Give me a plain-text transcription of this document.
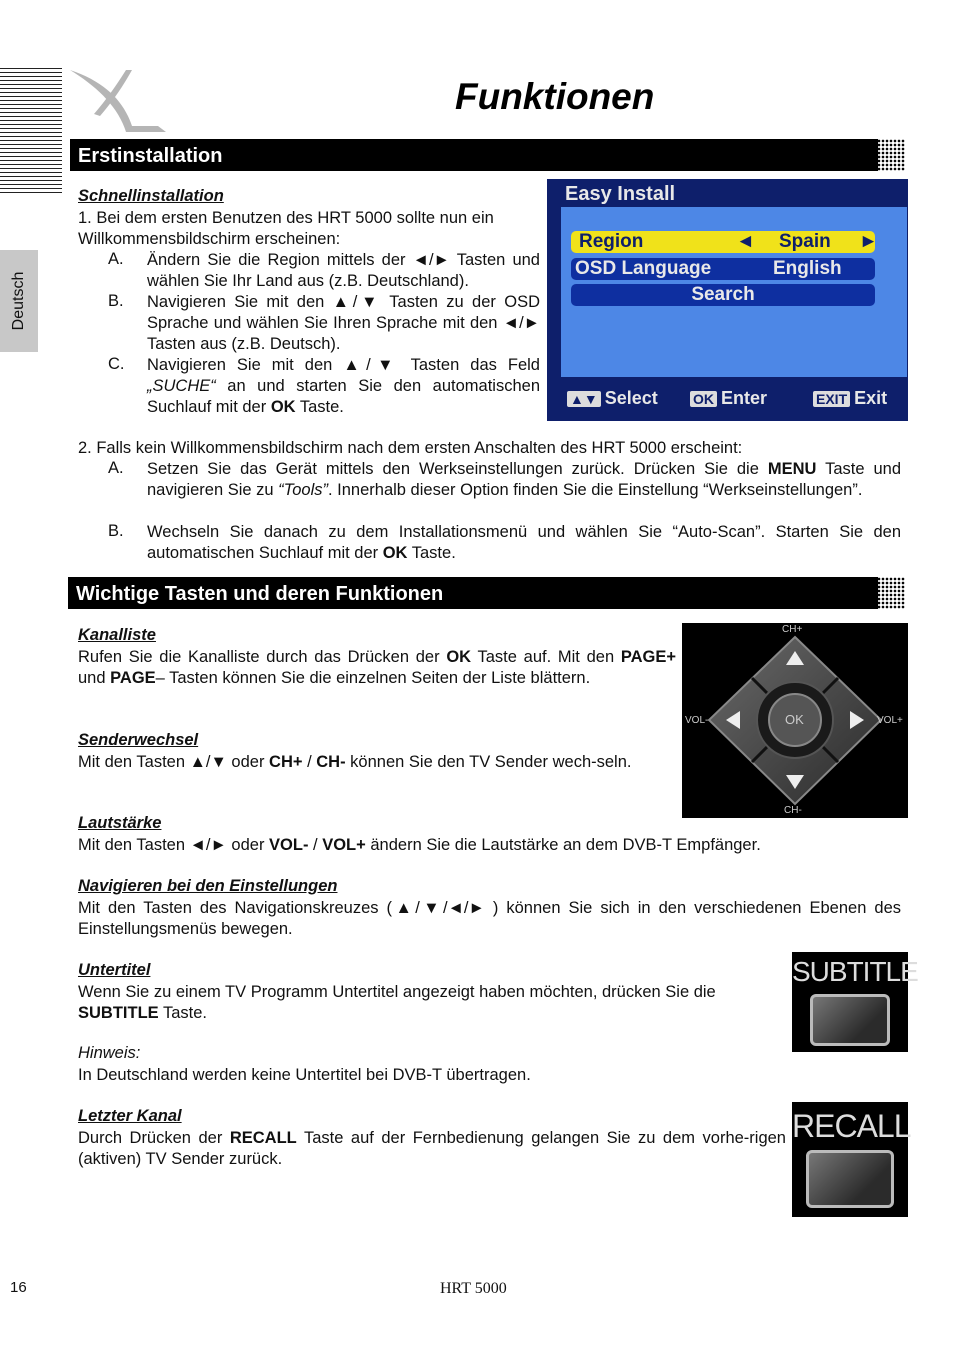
Funktionen
Deutsch
Erstinstallation
Schnellinstallation
1. Bei dem ersten Benutzen des HRT 5000 sollte nun ein
Willkommensbildschirm erscheinen:
A. Ändern Sie die Region mittels der ◄/► Tasten und wählen Sie Ihr Land aus (z.B. Deutschland).
B. Navigieren Sie mit den ▲/▼ Tasten zu der OSD Sprache und wählen Sie Ihren Sprache mit den ◄/► Tasten aus (z.B. Deutsch).
C. Navigieren Sie mit den ▲/▼ Tasten das Feld „SUCHE“ an und starten Sie den automatischen Suchlauf mit der OK Taste.
Easy Install
Region	◄ Spain ►
OSD Language	English
Search
▲▼ Select	OK Enter	EXIT Exit
2. Falls kein Willkommensbildschirm nach dem ersten Anschalten des HRT 5000 erscheint:
A. Setzen Sie das Gerät mittels den Werkseinstellungen zurück. Drücken Sie die MENU Taste und navigieren Sie zu “Tools”. Innerhalb dieser Option finden Sie die Einstellung “Werkseinstellungen”.
B. Wechseln Sie danach zu dem Installationsmenü und wählen Sie “Auto-Scan”. Starten Sie den automatischen Suchlauf mit der OK Taste.
Wichtige Tasten und deren Funktionen
Kanalliste
Rufen Sie die Kanalliste durch das Drücken der OK Taste auf. Mit den PAGE+ und PAGE– Tasten können Sie die einzelnen Seiten der Liste blättern.
Senderwechsel
Mit den Tasten ▲/▼ oder CH+ / CH- können Sie den TV Sender wech-seln.
CH+
CH-
VOL-	VOL+
OK
Lautstärke
Mit den Tasten ◄/► oder VOL- / VOL+ ändern Sie die Lautstärke an dem DVB-T Empfänger.
Navigieren bei den Einstellungen
Mit den Tasten des Navigationskreuzes (▲/▼/◄/► ) können Sie sich in den verschiedenen Ebenen des Einstellungsmenüs bewegen.
Untertitel
Wenn Sie zu einem TV Programm Untertitel angezeigt haben möchten, drücken Sie die SUBTITLE Taste.
SUBTITLE
Hinweis:
In Deutschland werden keine Untertitel bei DVB-T übertragen.
Letzter Kanal
Durch Drücken der RECALL Taste auf der Fernbedienung gelangen Sie zu dem vorhe-rigen (aktiven) TV Sender zurück.
RECALL
16	HRT 5000
